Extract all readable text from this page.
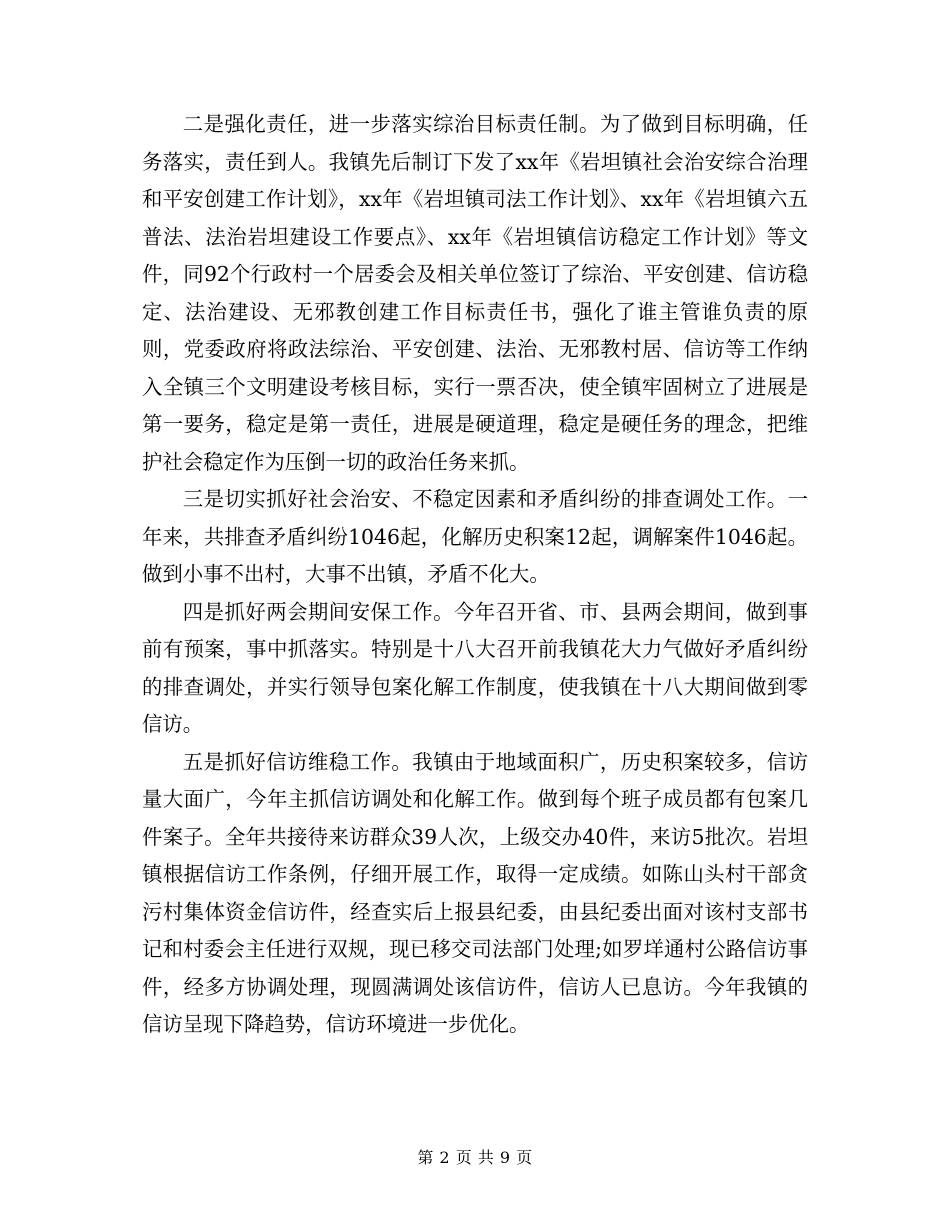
二是强化责任，进一步落实综治目标责任制。为了做到目标明确，任务落实，责任到人。我镇先后制订下发了xx年《岩坦镇社会治安综合治理和平安创建工作计划》，xx年《岩坦镇司法工作计划》、xx年《岩坦镇六五普法、法治岩坦建设工作要点》、xx年《岩坦镇信访稳定工作计划》等文件，同92个行政村一个居委会及相关单位签订了综治、平安创建、信访稳定、法治建设、无邪教创建工作目标责任书，强化了谁主管谁负责的原则，党委政府将政法综治、平安创建、法治、无邪教村居、信访等工作纳入全镇三个文明建设考核目标，实行一票否决，使全镇牢固树立了进展是第一要务，稳定是第一责任，进展是硬道理，稳定是硬任务的理念，把维护社会稳定作为压倒一切的政治任务来抓。

三是切实抓好社会治安、不稳定因素和矛盾纠纷的排查调处工作。一年来，共排查矛盾纠纷1046起，化解历史积案12起，调解案件1046起。做到小事不出村，大事不出镇，矛盾不化大。

四是抓好两会期间安保工作。今年召开省、市、县两会期间，做到事前有预案，事中抓落实。特别是十八大召开前我镇花大力气做好矛盾纠纷的排查调处，并实行领导包案化解工作制度，使我镇在十八大期间做到零信访。

五是抓好信访维稳工作。我镇由于地域面积广，历史积案较多，信访量大面广，今年主抓信访调处和化解工作。做到每个班子成员都有包案几件案子。全年共接待来访群众39人次，上级交办40件，来访5批次。岩坦镇根据信访工作条例，仔细开展工作，取得一定成绩。如陈山头村干部贪污村集体资金信访件，经查实后上报县纪委，由县纪委出面对该村支部书记和村委会主任进行双规，现已移交司法部门处理;如罗垟通村公路信访事件，经多方协调处理，现圆满调处该信访件，信访人已息访。今年我镇的信访呈现下降趋势，信访环境进一步优化。

第 2 页 共 9 页
